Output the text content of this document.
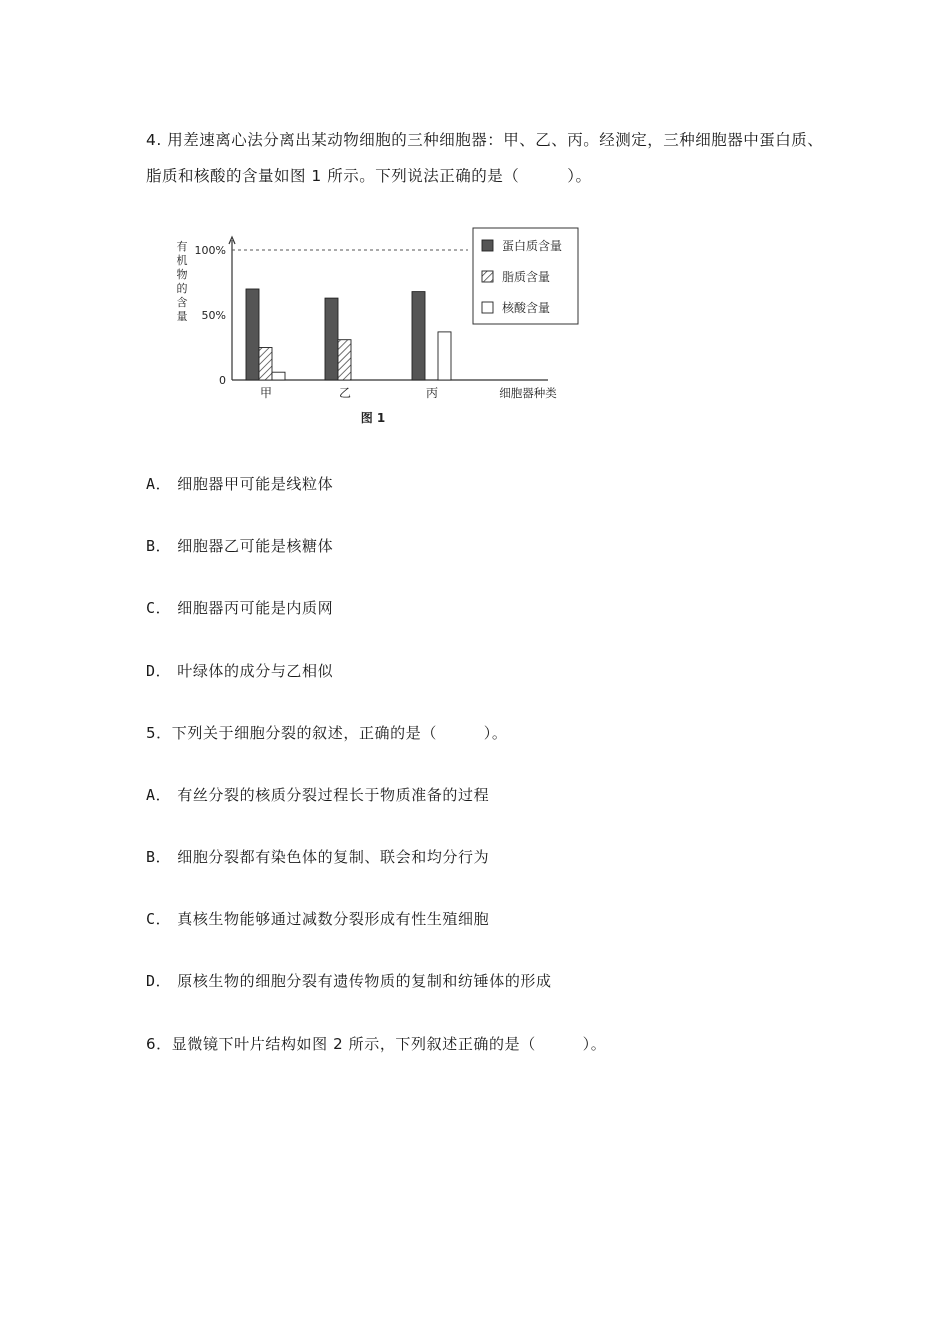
4. 用差速离心法分离出某动物细胞的三种细胞器：甲、乙、丙。经测定，三种细胞器中蛋白质、

脂质和核酸的含量如图 1 所示。下列说法正确的是（　　　）。

0
50%
100%
有
机
物
的
含
量
甲	乙	丙	细胞器种类
图 1
蛋白质含量
脂质含量
核酸含量
A． 细胞器甲可能是线粒体
B． 细胞器乙可能是核糖体
C． 细胞器丙可能是内质网
D． 叶绿体的成分与乙相似
5．下列关于细胞分裂的叙述，正确的是（　　　）。
A． 有丝分裂的核质分裂过程长于物质准备的过程
B． 细胞分裂都有染色体的复制、联会和均分行为
C． 真核生物能够通过减数分裂形成有性生殖细胞
D． 原核生物的细胞分裂有遗传物质的复制和纺锤体的形成
6．显微镜下叶片结构如图 2 所示，下列叙述正确的是（　　　）。
